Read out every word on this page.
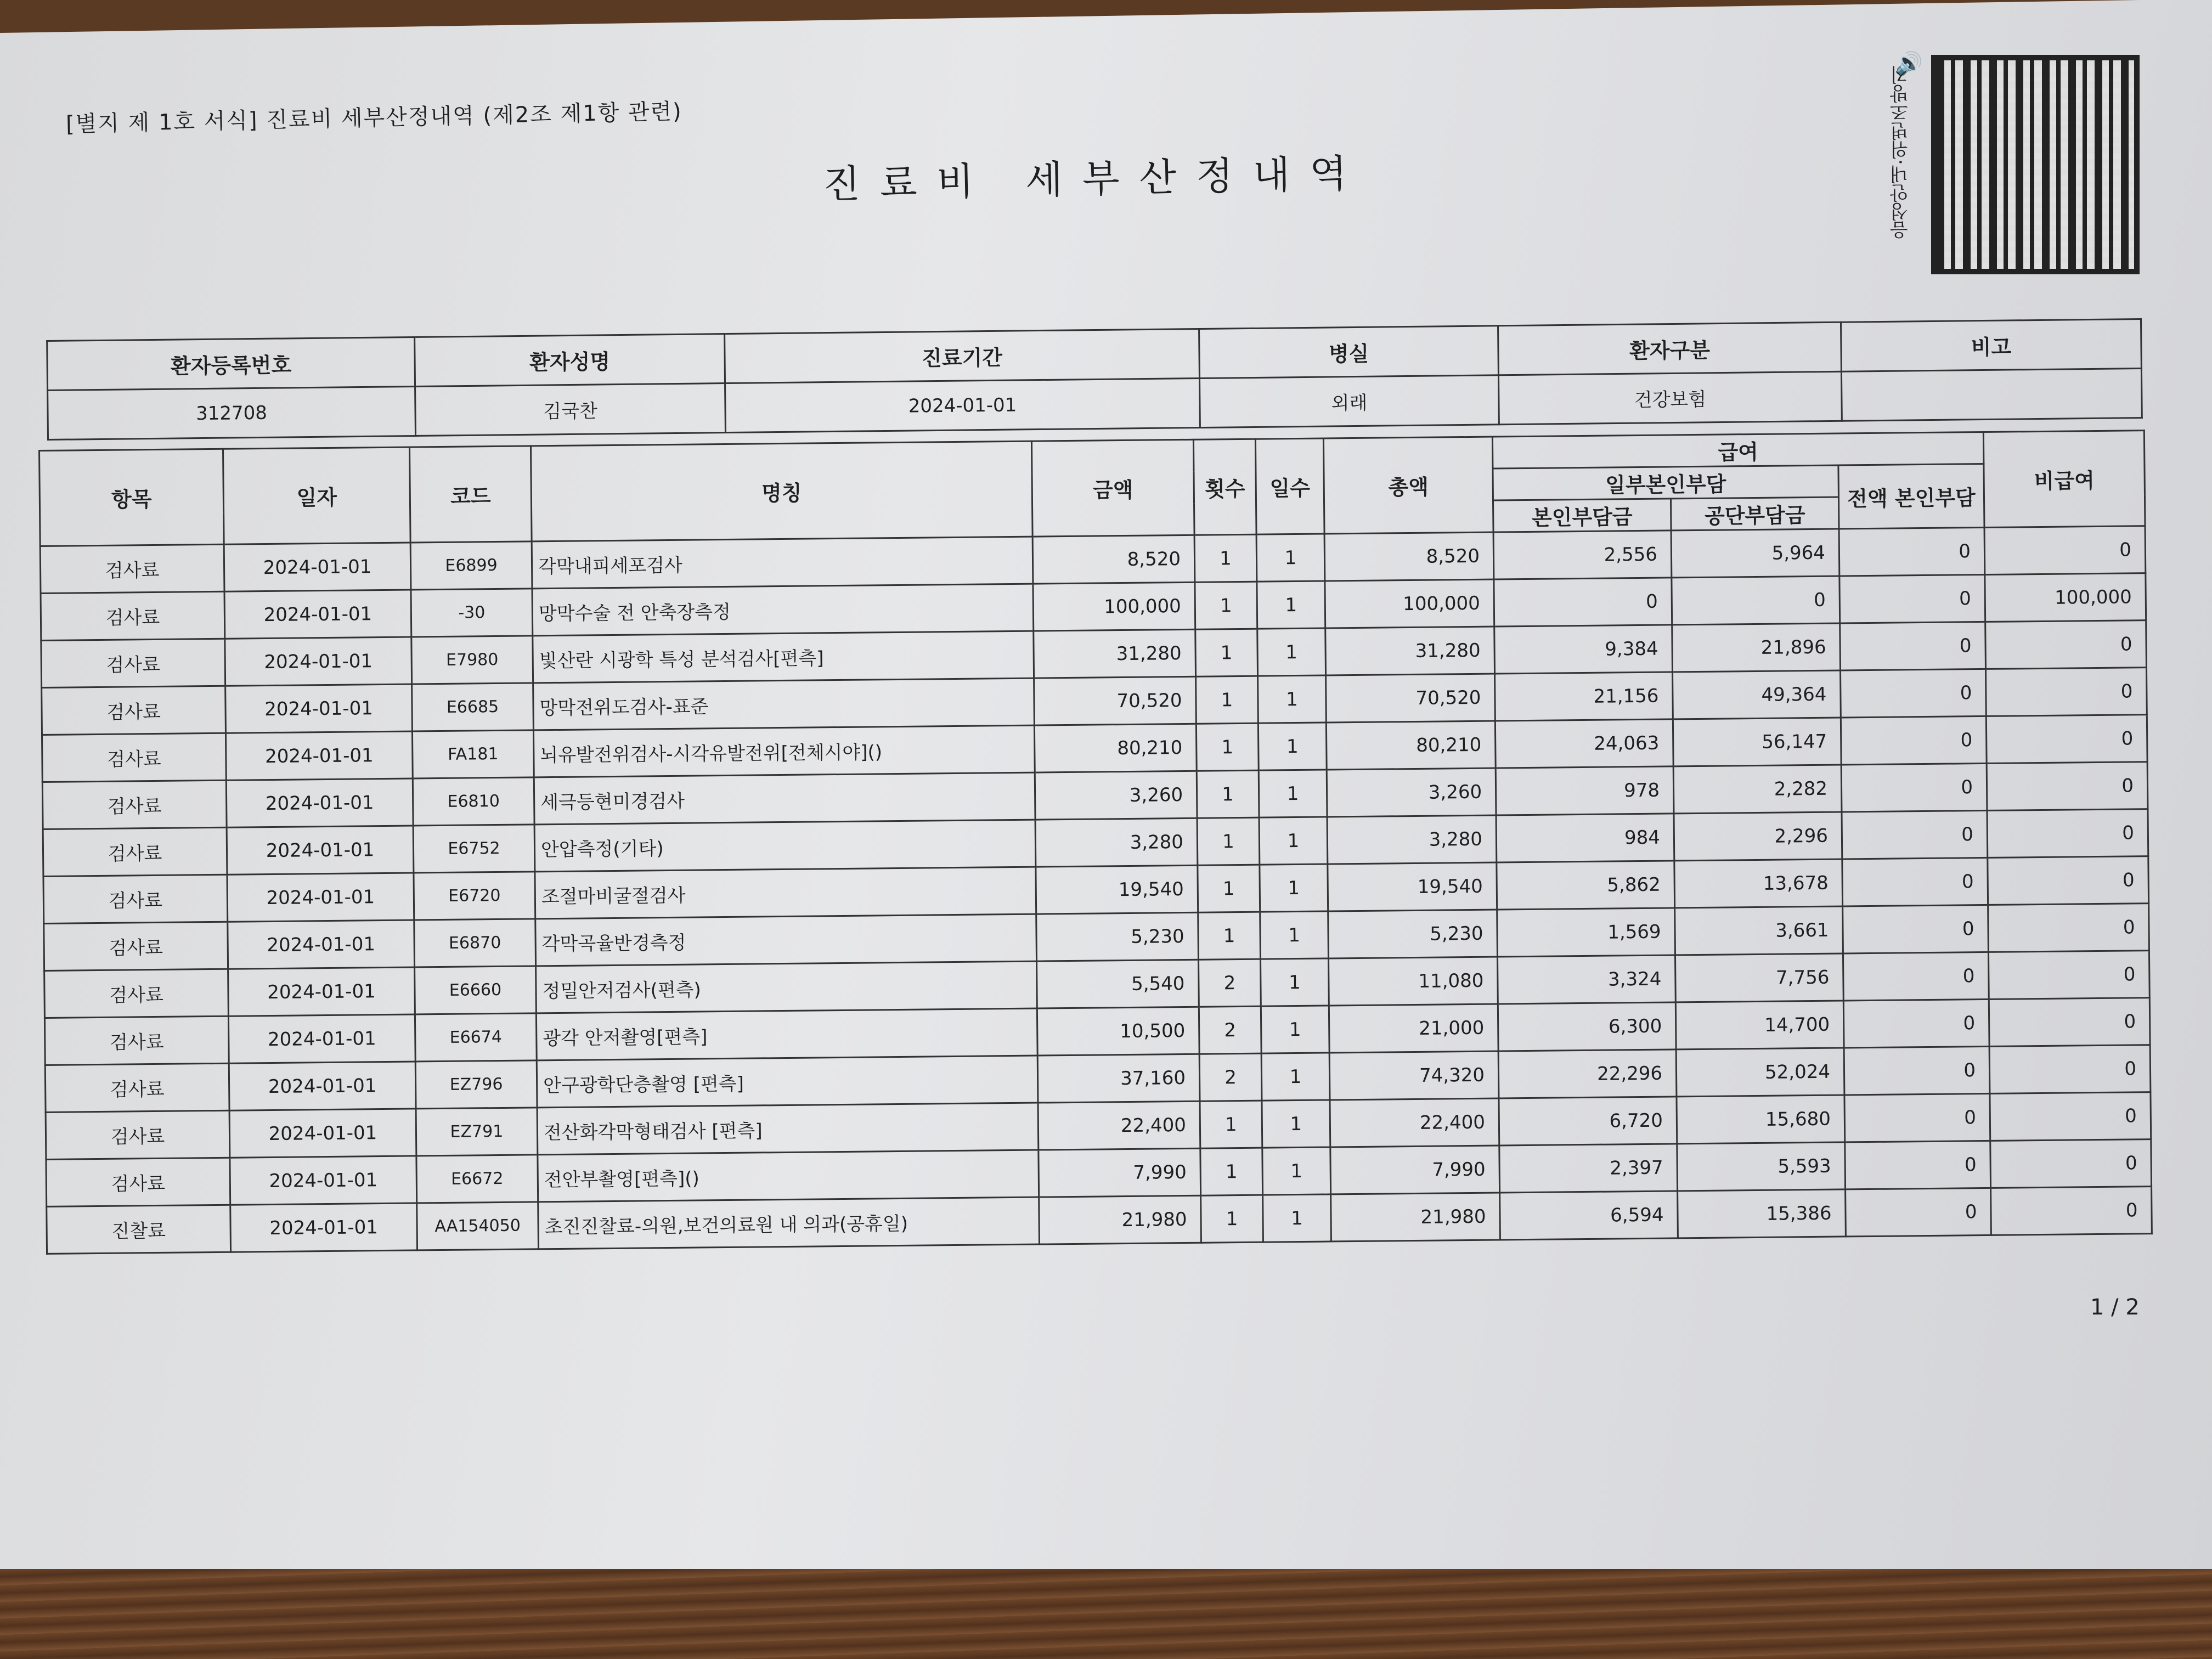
[별지 제 1호 서식] 진료비 세부산정내역 (제2조 제1항 관련)
진료비 세부산정내역
🔊
음성안내·위변조방지
환자등록번호	환자성명	진료기간	병실	환자구분	비고
312708	김국찬	2024-01-01	외래	건강보험	
항목	일자	코드	명칭	금액	횟수	일수	총액	급여			비급여
								일부본인부담		전액 본인부담	
								본인부담금	공단부담금		
검사료	2024-01-01	E6899	각막내피세포검사	8,520	1	1	8,520	2,556	5,964	0	0
검사료	2024-01-01	-30	망막수술 전 안축장측정	100,000	1	1	100,000	0	0	0	100,000
검사료	2024-01-01	E7980	빛산란 시광학 특성 분석검사[편측]	31,280	1	1	31,280	9,384	21,896	0	0
검사료	2024-01-01	E6685	망막전위도검사-표준	70,520	1	1	70,520	21,156	49,364	0	0
검사료	2024-01-01	FA181	뇌유발전위검사-시각유발전위[전체시야]()	80,210	1	1	80,210	24,063	56,147	0	0
검사료	2024-01-01	E6810	세극등현미경검사	3,260	1	1	3,260	978	2,282	0	0
검사료	2024-01-01	E6752	안압측정(기타)	3,280	1	1	3,280	984	2,296	0	0
검사료	2024-01-01	E6720	조절마비굴절검사	19,540	1	1	19,540	5,862	13,678	0	0
검사료	2024-01-01	E6870	각막곡율반경측정	5,230	1	1	5,230	1,569	3,661	0	0
검사료	2024-01-01	E6660	정밀안저검사(편측)	5,540	2	1	11,080	3,324	7,756	0	0
검사료	2024-01-01	E6674	광각 안저촬영[편측]	10,500	2	1	21,000	6,300	14,700	0	0
검사료	2024-01-01	EZ796	안구광학단층촬영 [편측]	37,160	2	1	74,320	22,296	52,024	0	0
검사료	2024-01-01	EZ791	전산화각막형태검사 [편측]	22,400	1	1	22,400	6,720	15,680	0	0
검사료	2024-01-01	E6672	전안부촬영[편측]()	7,990	1	1	7,990	2,397	5,593	0	0
진찰료	2024-01-01	AA154050	초진진찰료-의원,보건의료원 내 의과(공휴일)	21,980	1	1	21,980	6,594	15,386	0	0
1 / 2
